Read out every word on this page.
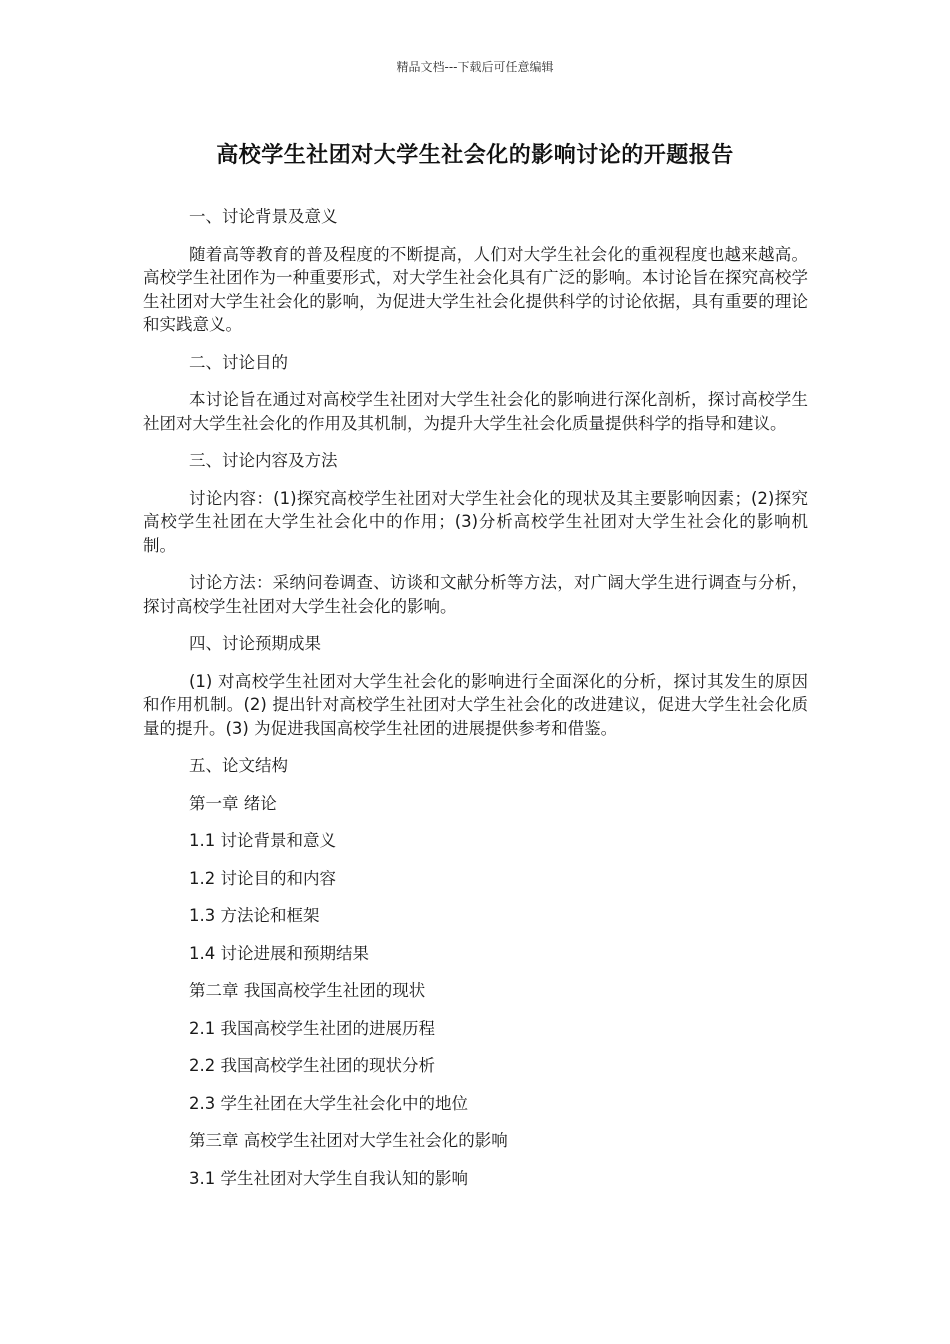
精品文档---下载后可任意编辑
高校学生社团对大学生社会化的影响讨论的开题报告
一、讨论背景及意义
随着高等教育的普及程度的不断提高，人们对大学生社会化的重视程度也越来越高。高校学生社团作为一种重要形式，对大学生社会化具有广泛的影响。本讨论旨在探究高校学生社团对大学生社会化的影响，为促进大学生社会化提供科学的讨论依据，具有重要的理论和实践意义。
二、讨论目的
本讨论旨在通过对高校学生社团对大学生社会化的影响进行深化剖析，探讨高校学生社团对大学生社会化的作用及其机制，为提升大学生社会化质量提供科学的指导和建议。
三、讨论内容及方法
讨论内容：(1)探究高校学生社团对大学生社会化的现状及其主要影响因素；(2)探究高校学生社团在大学生社会化中的作用；(3)分析高校学生社团对大学生社会化的影响机制。
讨论方法：采纳问卷调查、访谈和文献分析等方法，对广阔大学生进行调查与分析，探讨高校学生社团对大学生社会化的影响。
四、讨论预期成果
(1) 对高校学生社团对大学生社会化的影响进行全面深化的分析，探讨其发生的原因和作用机制。(2) 提出针对高校学生社团对大学生社会化的改进建议，促进大学生社会化质量的提升。(3) 为促进我国高校学生社团的进展提供参考和借鉴。
五、论文结构
第一章 绪论
1.1 讨论背景和意义
1.2 讨论目的和内容
1.3 方法论和框架
1.4 讨论进展和预期结果
第二章 我国高校学生社团的现状
2.1 我国高校学生社团的进展历程
2.2 我国高校学生社团的现状分析
2.3 学生社团在大学生社会化中的地位
第三章 高校学生社团对大学生社会化的影响
3.1 学生社团对大学生自我认知的影响
